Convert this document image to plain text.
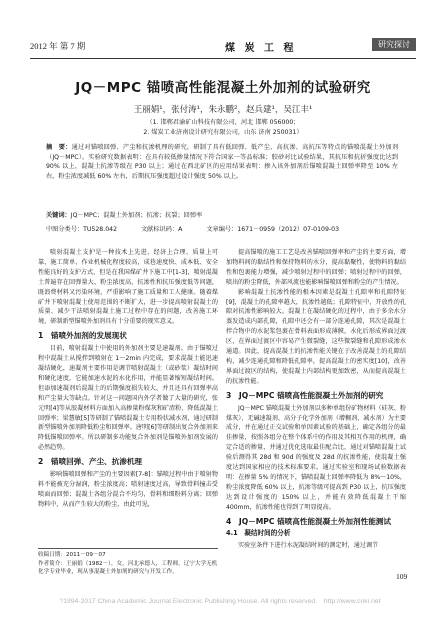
2012 年 第 7 期	煤 炭 工 程	研究探讨
JQ－MPC 锚喷高性能混凝土外加剂的试验研究
王丽娟¹，张付涛¹，朱永鹏²，赵兵建¹，吴江丰¹
（1. 邯郸君渝矿山科技有限公司，河北 邯郸 056000；
2. 煤炭工业济南设计研究有限公司，山东 济南 250031）
摘　要：通过对锚喷回弹、产尘和抗渗机理的研究，研制了具有低回弹、低产尘、高抗渗、高抗压等特点的锚喷混凝土外加剂（JQ－MPC）。实验研究数据表明：在具有较低掺量情况下符合国家一等品标准；胶砂对比试验结果，其抗压和抗折强度比达到 90% 以上，混凝土抗渗等级在 P30 以上；通过在西北矿区的应用结果表明：掺入该外加剂后锚喷混凝土回弹率降至 10% 左右，粉尘浓度减低 60% 左右，后期抗压强度超过设计强度 50% 以上。
关键词：JQ－MPC；混凝土外加剂；抗渗；抗裂；回弹率
中图分类号：TU528.042	文献标识码：A	文章编号：1671－0959（2012）07-0109-03

喷射混凝土支护是一种技术上先进、经济上合理、质量上可靠、施工简单、作业机械化程度较高，成巷速度快、成本低、安全性能良好的支护方式，但是在我国煤矿井下施工中[1-3]，喷射混凝土普遍存在回弹量大、粉尘浓度高、抗渗性和抗压强度低等问题，既浪费材料又污染环境，严重影响了施工质量和工人健康。随着煤矿井下喷射混凝土使用范围的不断扩大，进一步提高喷射混凝土的质量、减少干法喷射混凝土施工过程中存在的问题，改善施工环境，研制新型锚喷外加剂具有十分重要的现实意义。

1　锚喷外加剂的发展现状

目前，喷射混凝土中使用的外加剂主要是速凝剂。由于锚喷过程中混凝土从搅拌到喷射在 1～2min 内完成，要求混凝土能迅速凝结硬化，速凝剂主要作用是调节喷射混凝土（或砂浆）凝结时间和硬化速度，它能加速水泥的水化作用，并能显著缩短凝结时间。但添加速凝剂后混凝土的后期强度损失较大，并且还具有回弹率高和产尘量大等缺点。针对这一问题国内外学者做了大量的研究，张元明[4]等从胶凝材料方面加入高掺量粉煤灰和矿渣粉，降低混凝土回弹率；梁慧敏[5]等研制了锚喷混凝土专用粉状减水剂，通过研制新型锚喷外加剂降低粉尘和回弹率。唐明[6]等研制出复合外加剂来降低锚喷回弹率。所以研制多功能复合外加剂是锚喷外加剂发展的必然趋势。

2　锚喷回弹、产尘、抗渗机理

影响锚喷回弹和产尘的主要因素[7-8]：锚喷过程中由于喷射物料不能被充分湿润，粉尘浓度高；喷射速度过高，导致骨料撞击受喷面而回弹；混凝土各组分混合不均匀，骨料和细粉料分离；回弹物料中，从而产生较大的粉尘，由此可见，

提高锚喷的施工工艺是改善锚喷回弹率和产尘的主要方面，增加物料间的黏结性和保持物料的水分，提高黏聚性，使物料的黏结性和包裹能力增强，减少喷射过程中的回弹；喷射过程中的回弹，喷出的粉尘降低，外部风流也能影响锚喷回弹和粉尘的产生情况。

影响混凝土抗渗性能的根本因素是混凝土孔隙率和孔隙特征[9]，混凝土的孔隙率越大，抗渗性越低；孔隙特征中，开放性的孔隙对抗渗性影响较大。混凝土在凝结硬化的过程中，由于多余水分蒸发造成内部孔隙，孔隙中还会有一部分连通孔隙，其次是混凝土拌合物中的水泥浆包裹在骨料表面形成薄膜，水化后形成界面过渡区，在界面过渡区中容易产生微裂缝，这些微裂缝和孔隙形成渗水通道。因此，提高混凝土的抗渗性能关键在于改善混凝土的孔隙结构，减少连通孔隙和降低孔隙率，提高混凝土的密实度[10]，改善界面过渡区的结构，使混凝土内部结构更加致密，从而提高混凝土的抗渗性能。

3　JQ－MPC 锚喷高性能混凝土外加剂的研究

JQ－MPC 锚喷混凝土外加剂以多种单组份矿物材料（硅灰、粉煤灰）、无碱速凝剂、高分子化学外加剂（增稠剂、减水剂）为主要成分，并在通过正交试验和单因素试验的基础上，确定各组分的最佳掺量，按照各组分在整个体系中的作用及其相互作用的机理，确定合适的掺量，并通过优化选取最佳配合比，通过对锚喷混凝土试验后测得其 28d 和 90d 的强度及 28d 的抗渗性能，使混凝土强度达到国家相应的技术标准要求。通过实验室和现场试验数据表明：在掺量 5% 的情况下，锚喷混凝土回弹率降低为 8%～10%，粉尘浓度降低 60% 以上，抗渗等级可提高到 P30 以上，抗压强度达到设计强度的 150% 以上，并能有效降低混凝土干缩 400mm，抗渗性能也得到了明显提高。

4　JQ－MPC 锚喷高性能混凝土外加剂性能测试
4.1　凝结时间的分析

实验室条件下进行水泥凝结时间的测定时，通过调节

收稿日期：2011－09－07
作者简介：王丽娟（1982－），女，河北承德人，工程师，辽宁大学无机化学专业毕业，现从事混凝土外加剂的研究与开发工作。	109
?1994-2017 China Academic Journal Electronic Publishing House. All rights reserved.　http://www.cnki.net
